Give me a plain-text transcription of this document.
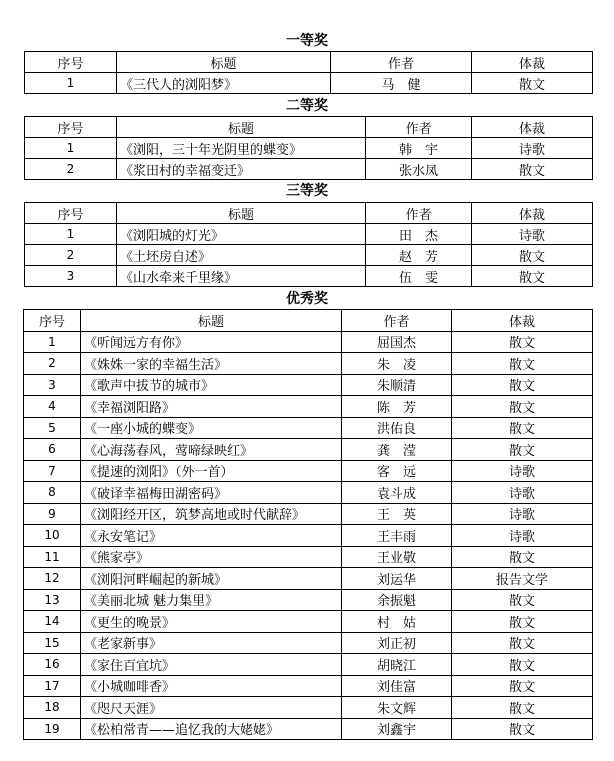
一等奖
序号	标题	作者	体裁
1	《三代人的浏阳梦》	马　健	散文
二等奖
序号	标题	作者	体裁
1	《浏阳，三十年光阴里的蝶变》	韩　宇	诗歌
2	《浆田村的幸福变迁》	张水凤	散文
三等奖
序号	标题	作者	体裁
1	《浏阳城的灯光》	田　杰	诗歌
2	《土坯房自述》	赵　芳	散文
3	《山水牵来千里缘》	伍　雯	散文
优秀奖
序号	标题	作者	体裁
1	《听闻远方有你》	屈国杰	散文
2	《姝姝一家的幸福生活》	朱　凌	散文
3	《歌声中拔节的城市》	朱顺清	散文
4	《幸福浏阳路》	陈　芳	散文
5	《一座小城的蝶变》	洪佑良	散文
6	《心海荡春风，莺啼绿映红》	龚　滢	散文
7	《提速的浏阳》（外一首）	客　远	诗歌
8	《破译幸福梅田湖密码》	袁斗成	诗歌
9	《浏阳经开区，筑梦高地或时代献辞》	王　英	诗歌
10	《永安笔记》	王丰雨	诗歌
11	《熊家亭》	王业敬	散文
12	《浏阳河畔崛起的新城》	刘运华	报告文学
13	《美丽北城 魅力集里》	余振魁	散文
14	《更生的晚景》	村　姑	散文
15	《老家新事》	刘正初	散文
16	《家住百宜坑》	胡晓江	散文
17	《小城咖啡香》	刘佳富	散文
18	《咫尺天涯》	朱文辉	散文
19	《松柏常青——追忆我的大姥姥》	刘鑫宇	散文
